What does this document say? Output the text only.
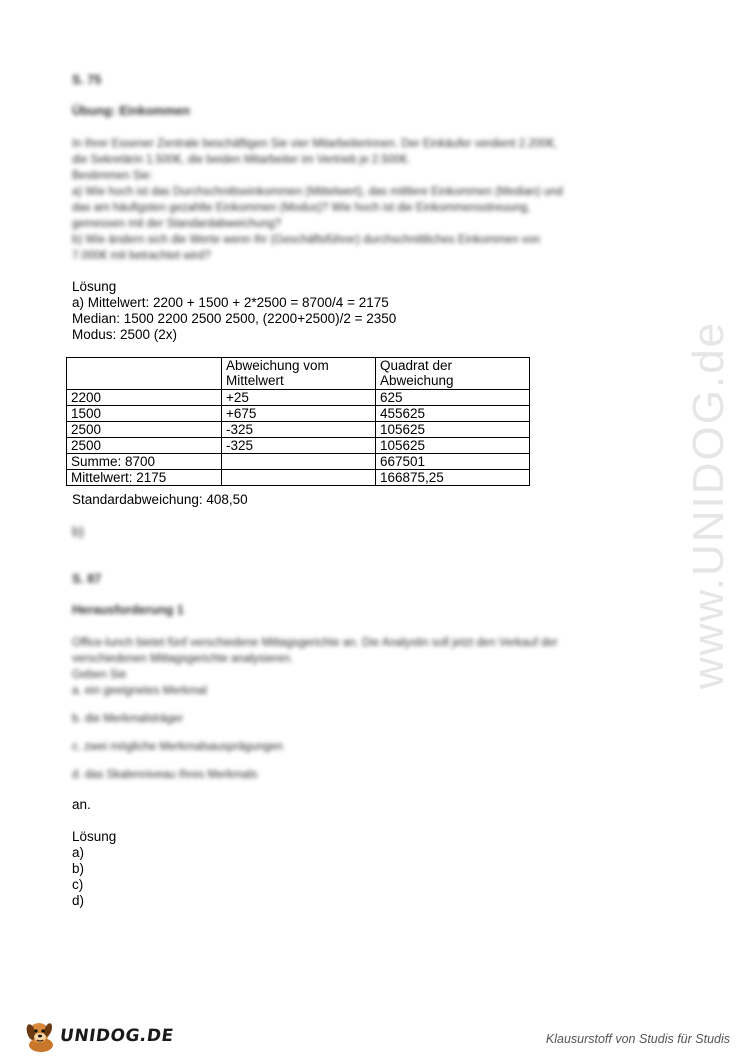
www.UNIDOG.de
S. 75
Übung: Einkommen
In Ihrer Essener Zentrale beschäftigen Sie vier Mitarbeiterinnen. Der Einkäufer verdient 2.200€,
die Sekretärin 1.500€, die beiden Mitarbeiter im Vertrieb je 2.500€.
Bestimmen Sie:
a) Wie hoch ist das Durchschnittseinkommen (Mittelwert), das mittlere Einkommen (Median) und
das am häufigsten gezahlte Einkommen (Modus)? Wie hoch ist die Einkommensstreuung,
gemessen mit der Standardabweichung?
b) Wie ändern sich die Werte wenn Ihr (Geschäftsführer) durchschnittliches Einkommen von
7.000€ mit betrachtet wird?
Lösung
a) Mittelwert: 2200 + 1500 + 2*2500 = 8700/4 = 2175
Median: 1500 2200 2500 2500, (2200+2500)/2 = 2350
Modus: 2500 (2x)
	Abweichung vom Mittelwert	Quadrat der Abweichung
2200	+25	625
1500	+675	455625
2500	-325	105625
2500	-325	105625
Summe: 8700		667501
Mittelwert: 2175		166875,25
Standardabweichung: 408,50
b)
S. 87
Herausforderung 1
Office-lunch bietet fünf verschiedene Mittagsgerichte an. Die Analystin soll jetzt den Verkauf der
verschiedenen Mittagsgerichte analysieren.
Geben Sie
a. ein geeignetes Merkmal
b. die Merkmalsträger
c. zwei mögliche Merkmalsausprägungen
d. das Skalenniveau Ihres Merkmals
an.
Lösung
a)
b)
c)
d)
UNIDOG.DE	Klausurstoff von Studis für Studis
